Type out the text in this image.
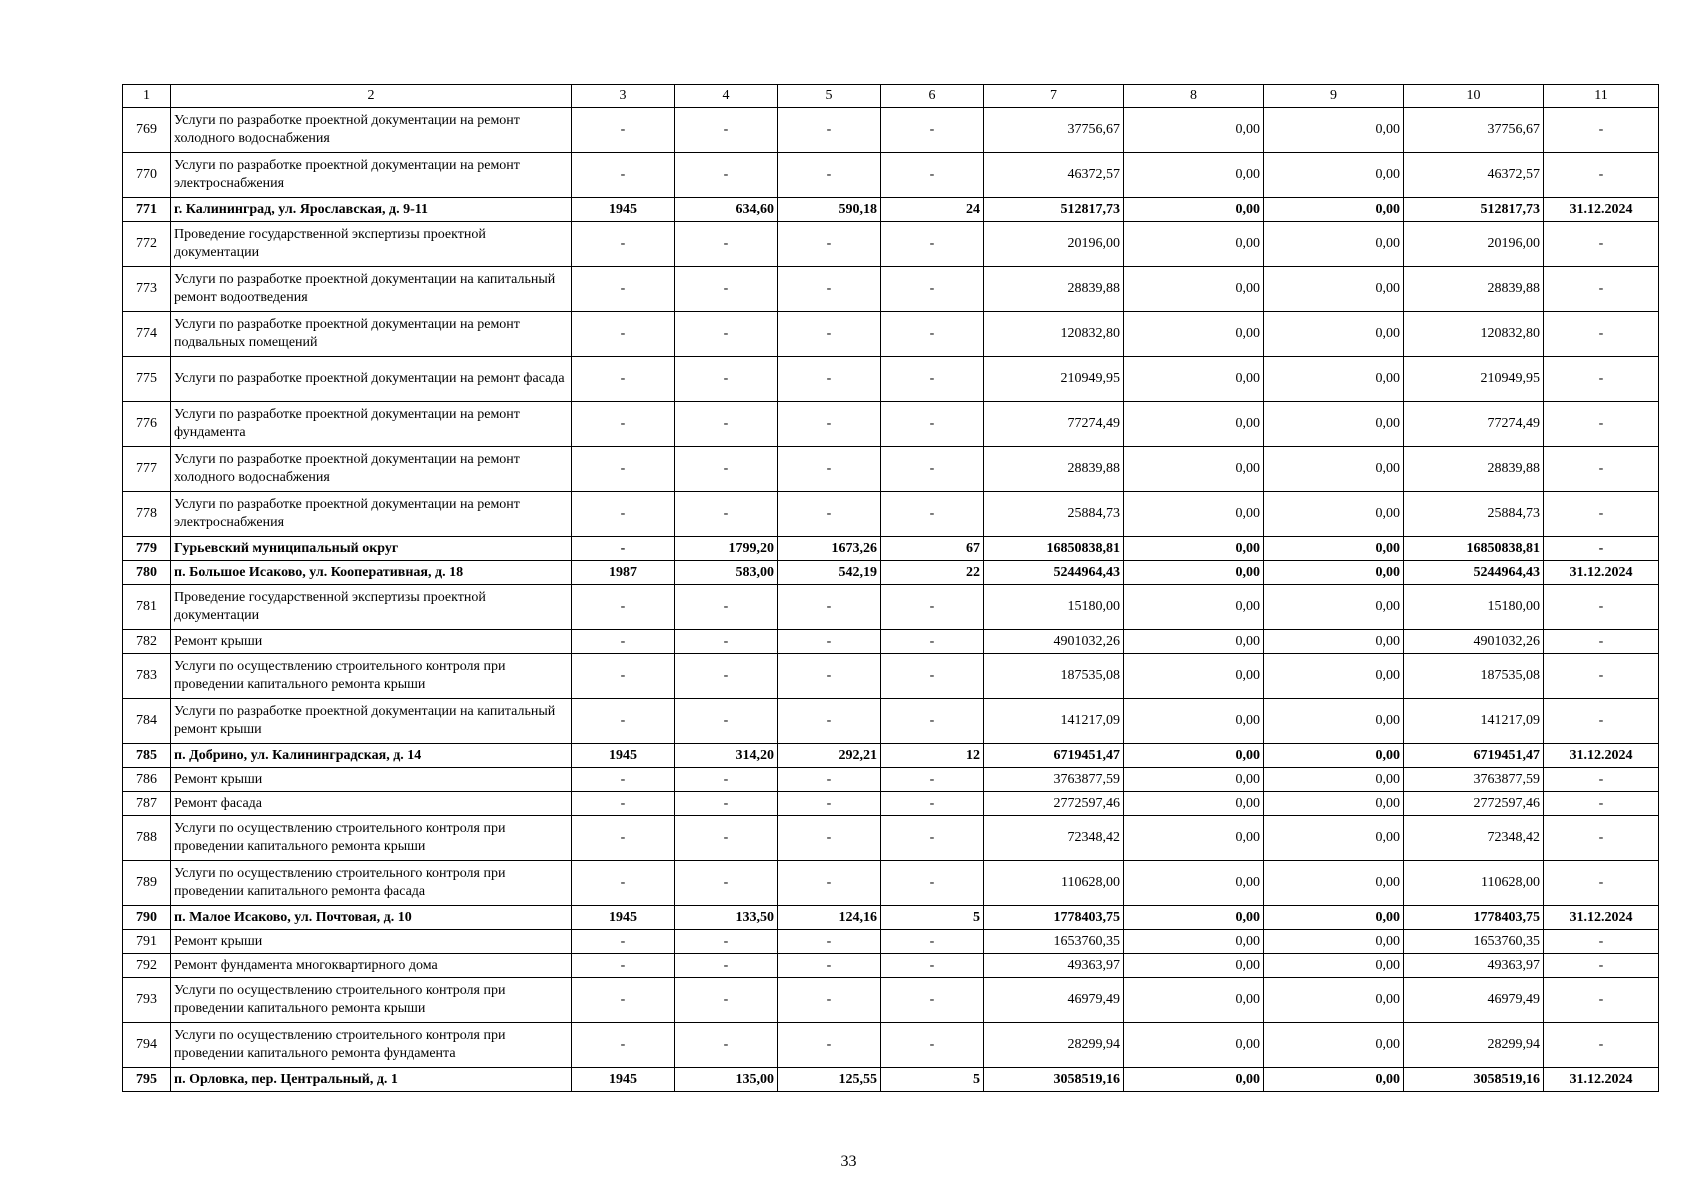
1	2	3	4	5	6	7	8	9	10	11
769	Услуги по разработке проектной документации на ремонт холодного водоснабжения	-	-	-	-	37756,67	0,00	0,00	37756,67	-
770	Услуги по разработке проектной документации на ремонт электроснабжения	-	-	-	-	46372,57	0,00	0,00	46372,57	-
771	г. Калининград, ул. Ярославская, д. 9-11	1945	634,60	590,18	24	512817,73	0,00	0,00	512817,73	31.12.2024
772	Проведение государственной экспертизы проектной документации	-	-	-	-	20196,00	0,00	0,00	20196,00	-
773	Услуги по разработке проектной документации на капитальный ремонт водоотведения	-	-	-	-	28839,88	0,00	0,00	28839,88	-
774	Услуги по разработке проектной документации на ремонт подвальных помещений	-	-	-	-	120832,80	0,00	0,00	120832,80	-
775	Услуги по разработке проектной документации на ремонт фасада	-	-	-	-	210949,95	0,00	0,00	210949,95	-
776	Услуги по разработке проектной документации на ремонт фундамента	-	-	-	-	77274,49	0,00	0,00	77274,49	-
777	Услуги по разработке проектной документации на ремонт холодного водоснабжения	-	-	-	-	28839,88	0,00	0,00	28839,88	-
778	Услуги по разработке проектной документации на ремонт электроснабжения	-	-	-	-	25884,73	0,00	0,00	25884,73	-
779	Гурьевский муниципальный округ	-	1799,20	1673,26	67	16850838,81	0,00	0,00	16850838,81	-
780	п. Большое Исаково, ул. Кооперативная, д. 18	1987	583,00	542,19	22	5244964,43	0,00	0,00	5244964,43	31.12.2024
781	Проведение государственной экспертизы проектной документации	-	-	-	-	15180,00	0,00	0,00	15180,00	-
782	Ремонт крыши	-	-	-	-	4901032,26	0,00	0,00	4901032,26	-
783	Услуги по осуществлению строительного контроля при проведении капитального ремонта крыши	-	-	-	-	187535,08	0,00	0,00	187535,08	-
784	Услуги по разработке проектной документации на капитальный ремонт крыши	-	-	-	-	141217,09	0,00	0,00	141217,09	-
785	п. Добрино, ул. Калининградская, д. 14	1945	314,20	292,21	12	6719451,47	0,00	0,00	6719451,47	31.12.2024
786	Ремонт крыши	-	-	-	-	3763877,59	0,00	0,00	3763877,59	-
787	Ремонт фасада	-	-	-	-	2772597,46	0,00	0,00	2772597,46	-
788	Услуги по осуществлению строительного контроля при проведении капитального ремонта крыши	-	-	-	-	72348,42	0,00	0,00	72348,42	-
789	Услуги по осуществлению строительного контроля при проведении капитального ремонта фасада	-	-	-	-	110628,00	0,00	0,00	110628,00	-
790	п. Малое Исаково, ул. Почтовая, д. 10	1945	133,50	124,16	5	1778403,75	0,00	0,00	1778403,75	31.12.2024
791	Ремонт крыши	-	-	-	-	1653760,35	0,00	0,00	1653760,35	-
792	Ремонт фундамента многоквартирного дома	-	-	-	-	49363,97	0,00	0,00	49363,97	-
793	Услуги по осуществлению строительного контроля при проведении капитального ремонта крыши	-	-	-	-	46979,49	0,00	0,00	46979,49	-
794	Услуги по осуществлению строительного контроля при проведении капитального ремонта фундамента	-	-	-	-	28299,94	0,00	0,00	28299,94	-
795	п. Орловка, пер. Центральный, д. 1	1945	135,00	125,55	5	3058519,16	0,00	0,00	3058519,16	31.12.2024
33
